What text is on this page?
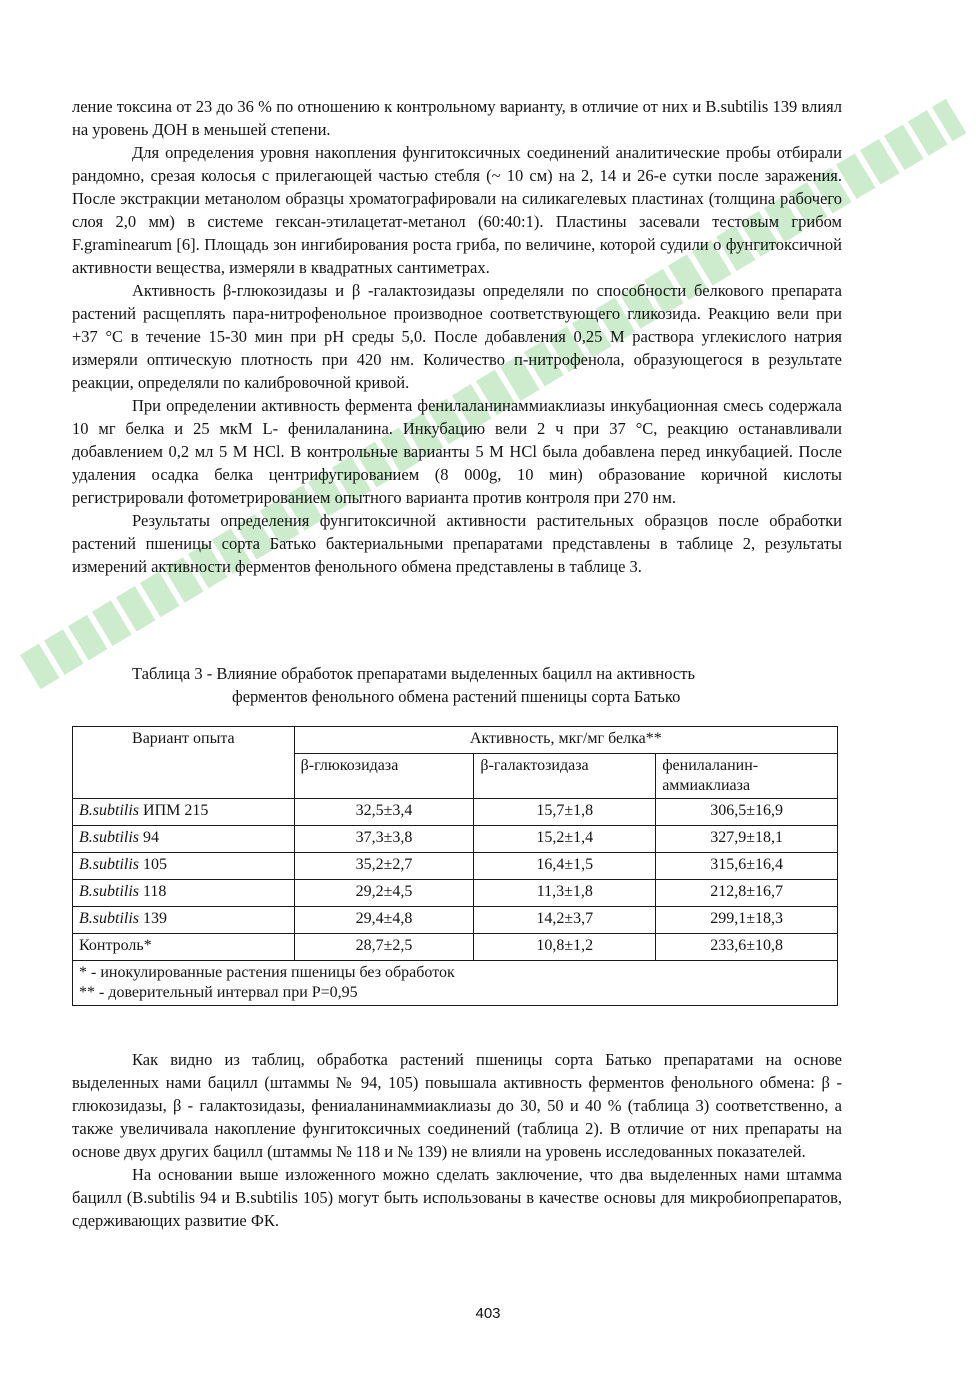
ление токсина от 23 до 36 % по отношению к контрольному варианту, в отличие от них и B.subtilis 139 влиял на уровень ДОН в меньшей степени.

Для определения уровня накопления фунгитоксичных соединений аналитические пробы отбирали рандомно, срезая колосья с прилегающей частью стебля (~ 10 см) на 2, 14 и 26-е сутки после заражения. После экстракции метанолом образцы хроматографировали на силикагелевых пластинах (толщина рабочего слоя 2,0 мм) в системе гексан-этилацетат-метанол (60:40:1). Пластины засевали тестовым грибом F.graminearum [6]. Площадь зон ингибирования роста гриба, по величине, которой судили о фунгитоксичной активности вещества, измеряли в квадратных сантиметрах.

Активность β-глюкозидазы и β -галактозидазы определяли по способности белкового препарата растений расщеплять пара-нитрофенольное производное соответствующего гликозида. Реакцию вели при +37 °С в течение 15-30 мин при pH среды 5,0. После добавления 0,25 М раствора углекислого натрия измеряли оптическую плотность при 420 нм. Количество п-нитрофенола, образующегося в результате реакции, определяли по калибровочной кривой.

При определении активность фермента фенилаланинаммиаклиазы инкубационная смесь содержала 10 мг белка и 25 мкМ L- фенилаланина. Инкубацию вели 2 ч при 37 °С, реакцию останавливали добавлением 0,2 мл 5 М HCl. В контрольные варианты 5 М HCl была добавлена перед инкубацией. После удаления осадка белка центрифугированием (8 000g, 10 мин) образование коричной кислоты регистрировали фотометрированием опытного варианта против контроля при 270 нм.

Результаты определения фунгитоксичной активности растительных образцов после обработки растений пшеницы сорта Батько бактериальными препаратами представлены в таблице 2, результаты измерений активности ферментов фенольного обмена представлены в таблице 3.

Таблица 3 - Влияние обработок препаратами выделенных бацилл на активность
ферментов фенольного обмена растений пшеницы сорта Батько
Вариант опыта	Активность, мкг/мг белка**		
	β-глюкозидаза	β-галактозидаза	фенилаланин-аммиаклиаза
B.subtilis ИПМ 215	32,5±3,4	15,7±1,8	306,5±16,9
B.subtilis 94	37,3±3,8	15,2±1,4	327,9±18,1
B.subtilis 105	35,2±2,7	16,4±1,5	315,6±16,4
B.subtilis 118	29,2±4,5	11,3±1,8	212,8±16,7
B.subtilis 139	29,4±4,8	14,2±3,7	299,1±18,3
Контроль*	28,7±2,5	10,8±1,2	233,6±10,8

* - инокулированные растения пшеницы без обработок
** - доверительный интервал при Р=0,95			

Как видно из таблиц, обработка растений пшеницы сорта Батько препаратами на основе выделенных нами бацилл (штаммы № 94, 105) повышала активность ферментов фенольного обмена: β - глюкозидазы, β - галактозидазы, фениаланинаммиаклиазы до 30, 50 и 40 % (таблица 3) соответственно, а также увеличивала накопление фунгитоксичных соединений (таблица 2). В отличие от них препараты на основе двух других бацилл (штаммы № 118 и № 139) не влияли на уровень исследованных показателей.

На основании выше изложенного можно сделать заключение, что два выделенных нами штамма бацилл (B.subtilis 94 и B.subtilis 105) могут быть использованы в качестве основы для микробиопрепаратов, сдерживающих развитие ФК.

403
